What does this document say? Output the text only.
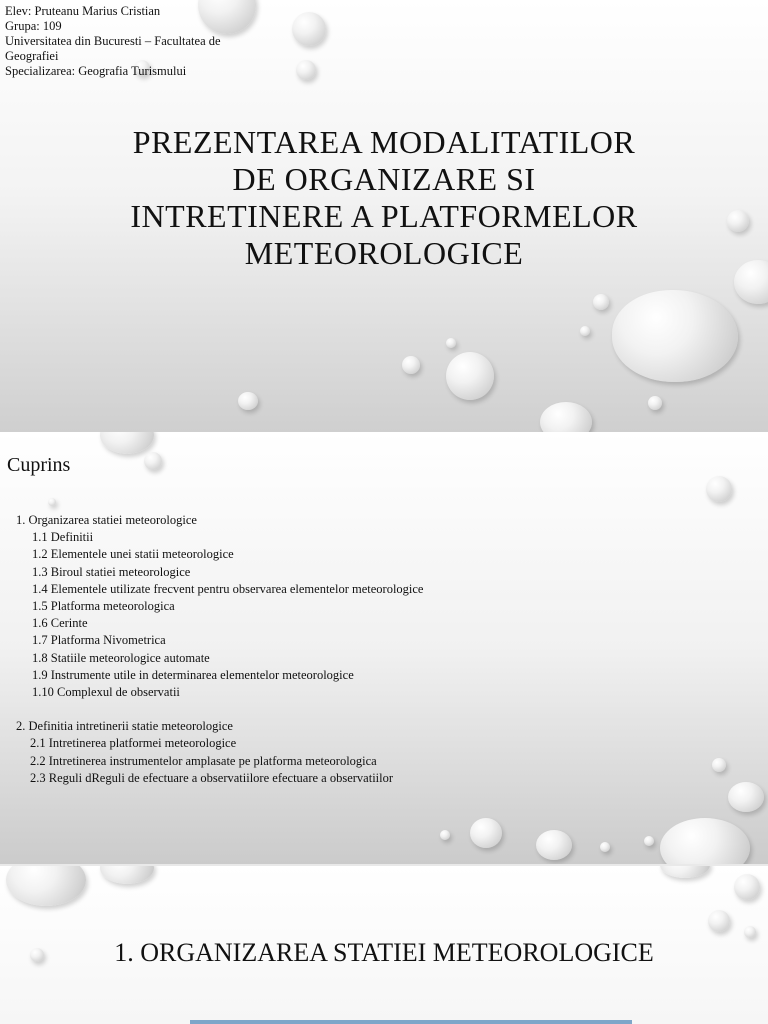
Elev: Pruteanu Marius Cristian
Grupa: 109
Universitatea din Bucuresti – Facultatea de
Geografiei
Specializarea: Geografia Turismului
PREZENTAREA MODALITATILOR
DE ORGANIZARE SI
INTRETINERE A PLATFORMELOR
METEOROLOGICE
Cuprins
1. Organizarea statiei meteorologice
1.1 Definitii
1.2 Elementele unei statii meteorologice
1.3 Biroul statiei meteorologice
1.4 Elementele utilizate frecvent pentru observarea elementelor meteorologice
1.5 Platforma meteorologica
1.6 Cerinte
1.7 Platforma Nivometrica
1.8 Statiile meteorologice automate
1.9 Instrumente utile in determinarea elementelor meteorologice
1.10 Complexul de observatii
2. Definitia intretinerii statie meteorologice
2.1 Intretinerea platformei meteorologice
2.2 Intretinerea instrumentelor amplasate pe platforma meteorologica
2.3 Reguli dReguli de efectuare a observatiilore efectuare a observatiilor
1. ORGANIZAREA STATIEI METEOROLOGICE
